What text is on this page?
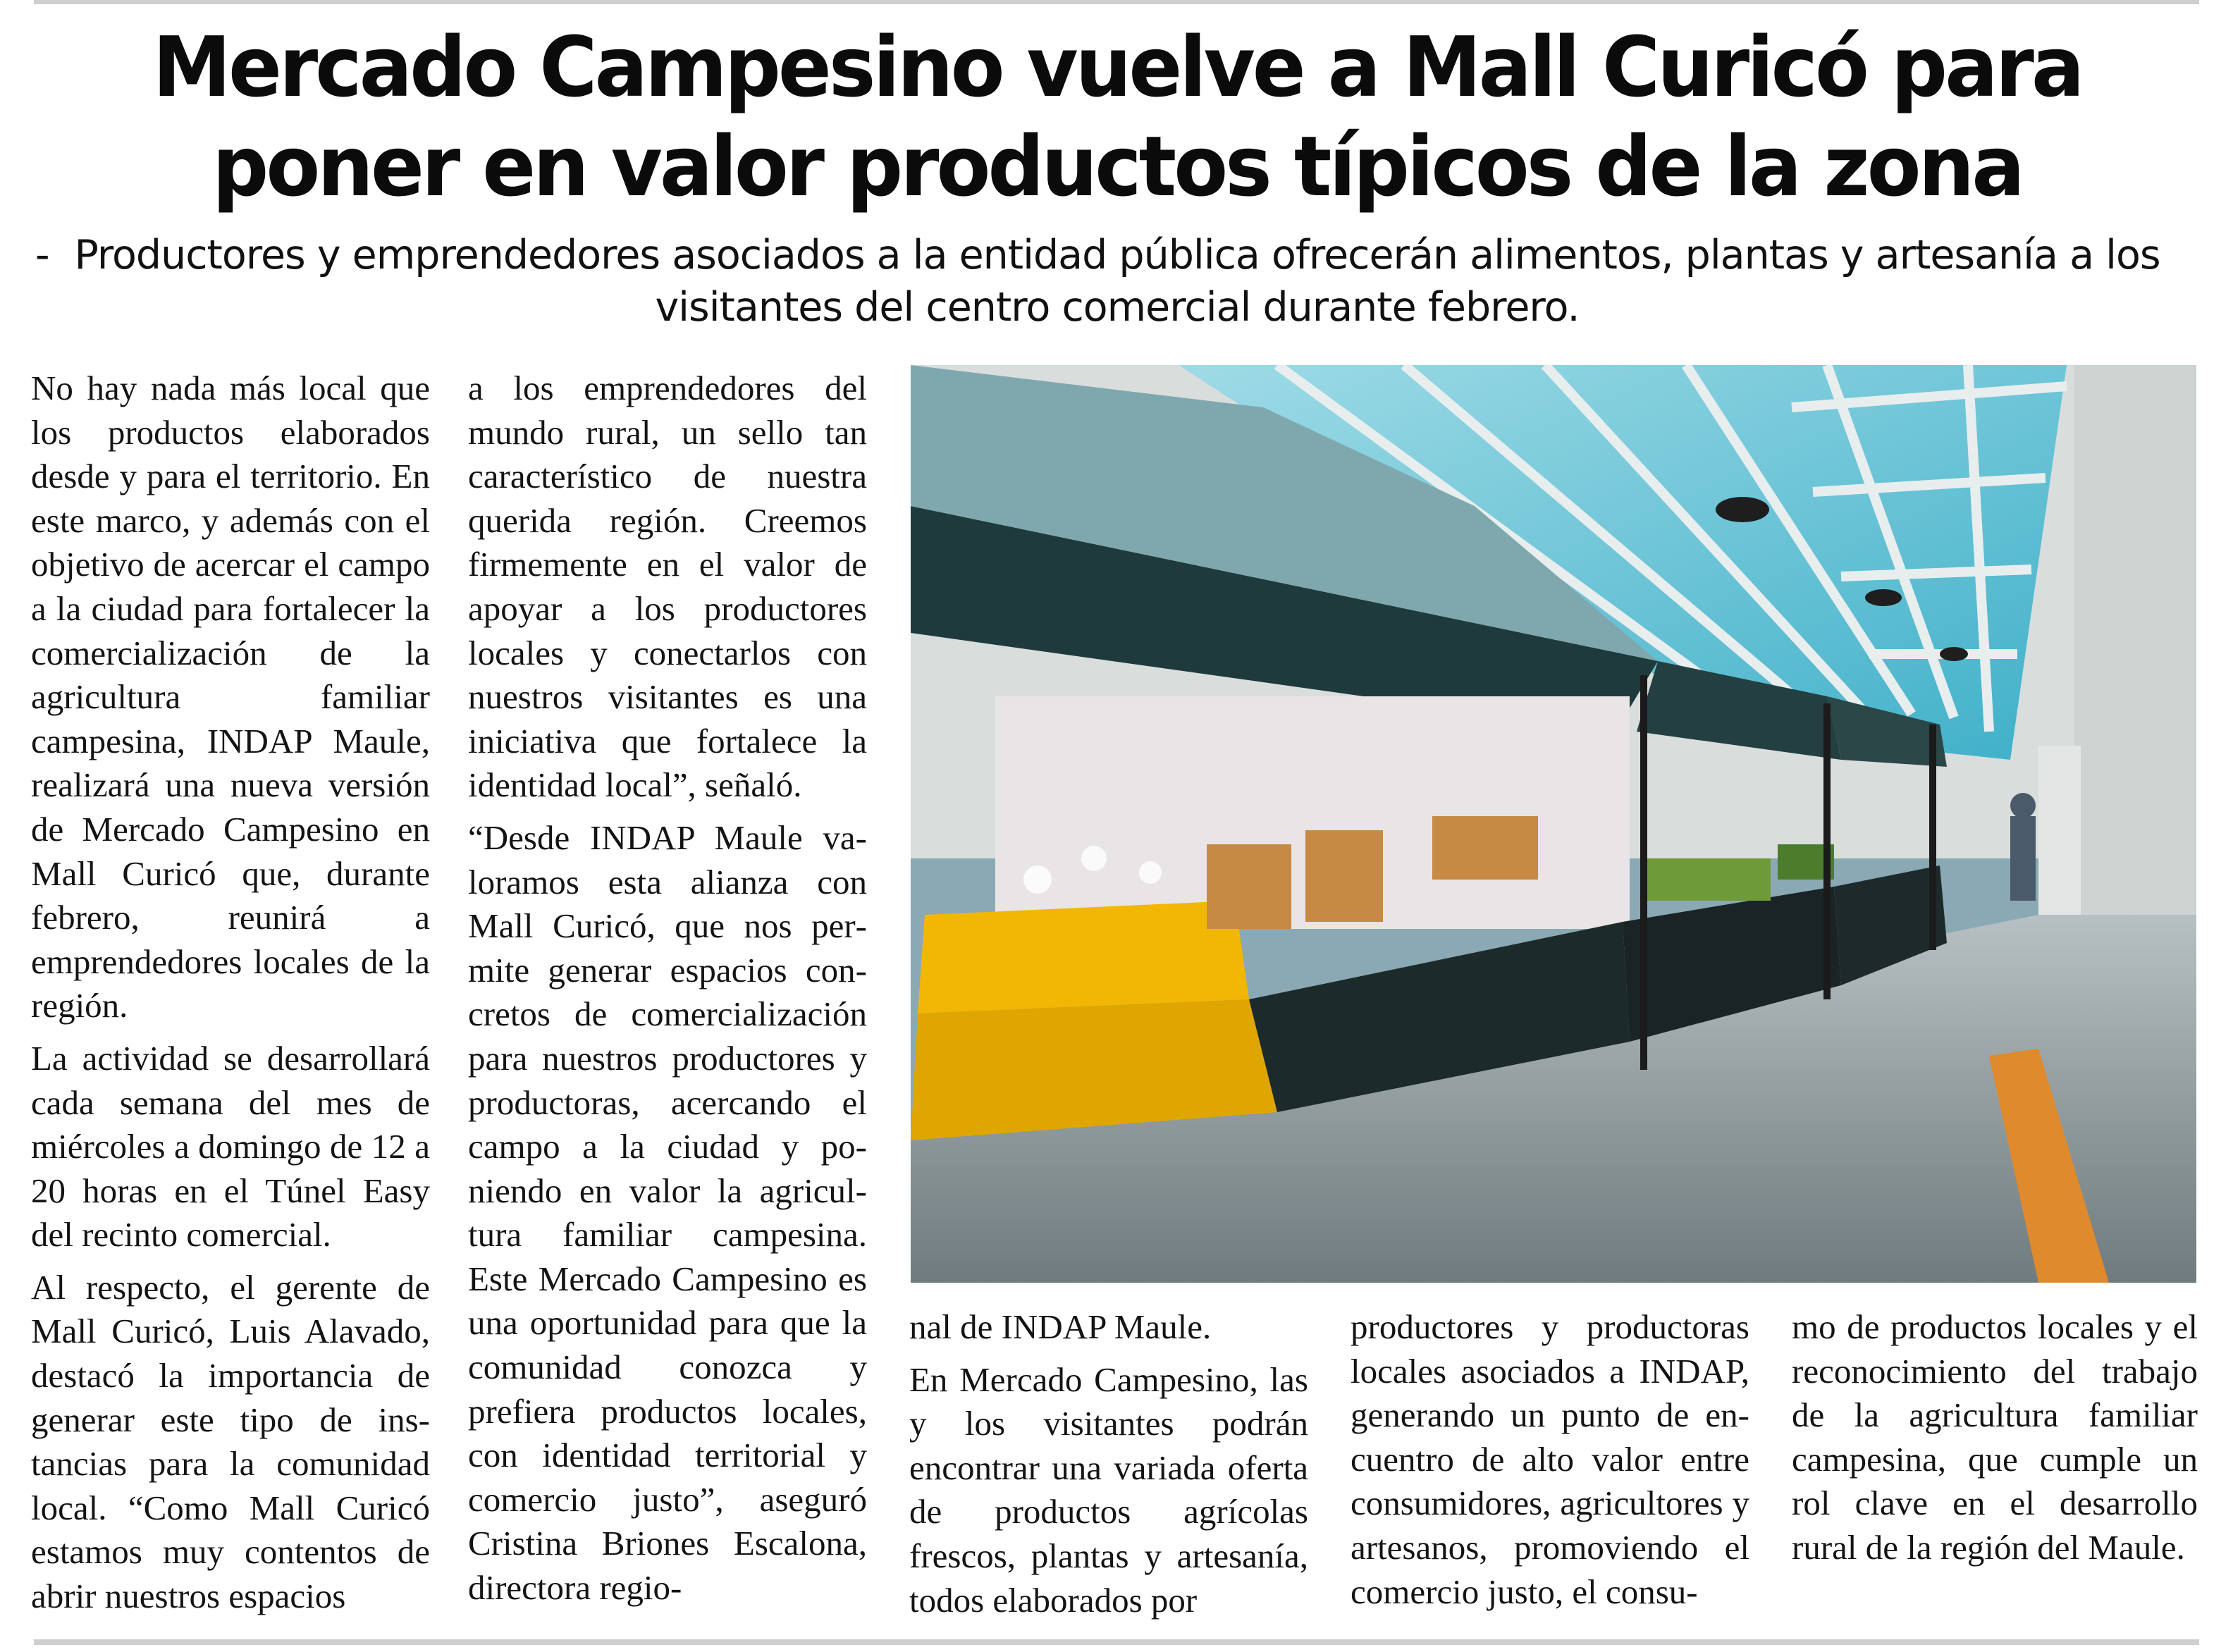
Mercado Campesino vuelve a Mall Curicó para poner en valor productos típicos de la zona
- Productores y emprendedores asociados a la entidad pública ofrecerán alimentos, plantas y artesanía a los visitantes del centro comercial durante febrero.

No hay nada más local que los productos elaborados desde y para el territorio. En este marco, y además con el objetivo de acercar el campo a la ciudad para fortalecer la comercialización de la agricultura familiar campesina, INDAP Maule, realizará una nueva versión de Mercado Campesino en Mall Curicó que, durante febrero, reunirá a emprendedores locales de la región.

La actividad se desarrollará cada semana del mes de miércoles a domingo de 12 a 20 horas en el Túnel Easy del recinto comercial.

Al respecto, el gerente de Mall Curicó, Luis Alavado, destacó la importancia de generar este tipo de instancias para la comunidad local. “Como Mall Curicó estamos muy contentos de abrir nuestros espacios

a los emprendedores del mundo rural, un sello tan característico de nuestra querida región. Creemos firmemente en el valor de apoyar a los productores locales y conectarlos con nuestros visitantes es una iniciativa que fortalece la identidad local”, señaló.

“Desde INDAP Maule valoramos esta alianza con Mall Curicó, que nos permite generar espacios concretos de comercialización para nuestros productores y productoras, acercando el campo a la ciudad y poniendo en valor la agricultura familiar campesina. Este Mercado Campesino es una oportunidad para que la comunidad conozca y prefiera productos locales, con identidad territorial y comercio justo”, aseguró Cristina Briones Escalona, directora regio-

nal de INDAP Maule.

En Mercado Campesino, las y los visitantes podrán encontrar una variada oferta de productos agrícolas frescos, plantas y artesanía, todos elaborados por

productores y productoras locales asociados a INDAP, generando un punto de encuentro de alto valor entre consumidores, agricultores y artesanos, promoviendo el comercio justo, el consu-

mo de productos locales y el reconocimiento del trabajo de la agricultura familiar campesina, que cumple un rol clave en el desarrollo rural de la región del Maule.
